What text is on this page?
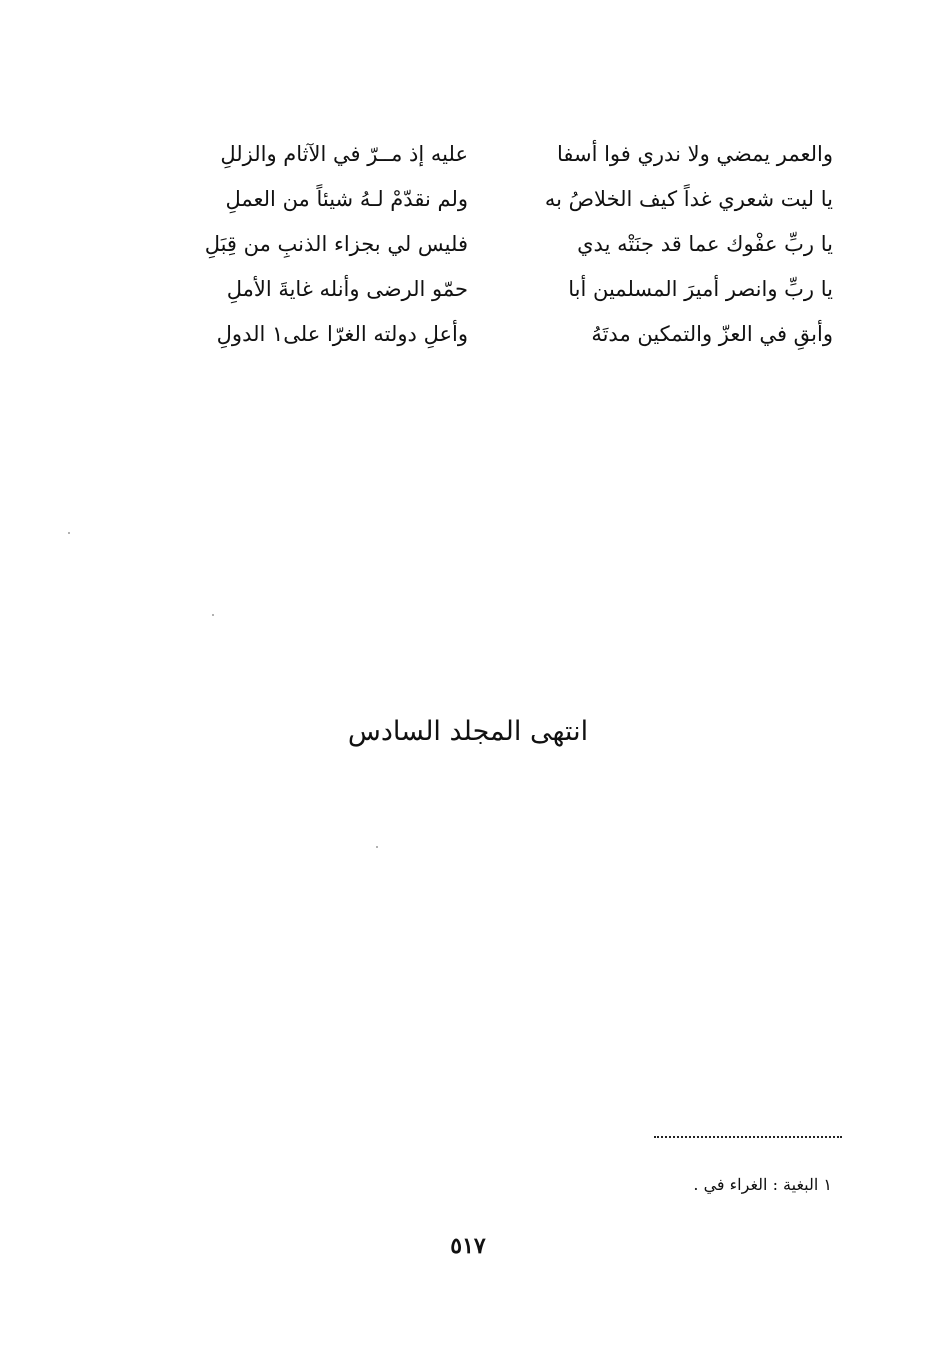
والعمر يمضي ولا ندري فوا أسفا
عليه إذ مــرّ في الآثام والزللِ
يا ليت شعري غداً كيف الخلاصُ به
ولم نقدّمْ لـهُ شيئاً من العملِ
يا ربِّ عفْوك عما قد جنَتْه يدي
فليس لي بجزاء الذنبِ من قِبَلِ
يا ربِّ وانصر أميرَ المسلمين أبا
حمّو الرضى وأنله غايةَ الأملِ
وأبقِ في العزّ والتمكين مدتَهُ
وأعلِ دولته الغرّا على١ الدولِ
انتهى المجلد السادس
١ البغية : الغراء في .
٥١٧
